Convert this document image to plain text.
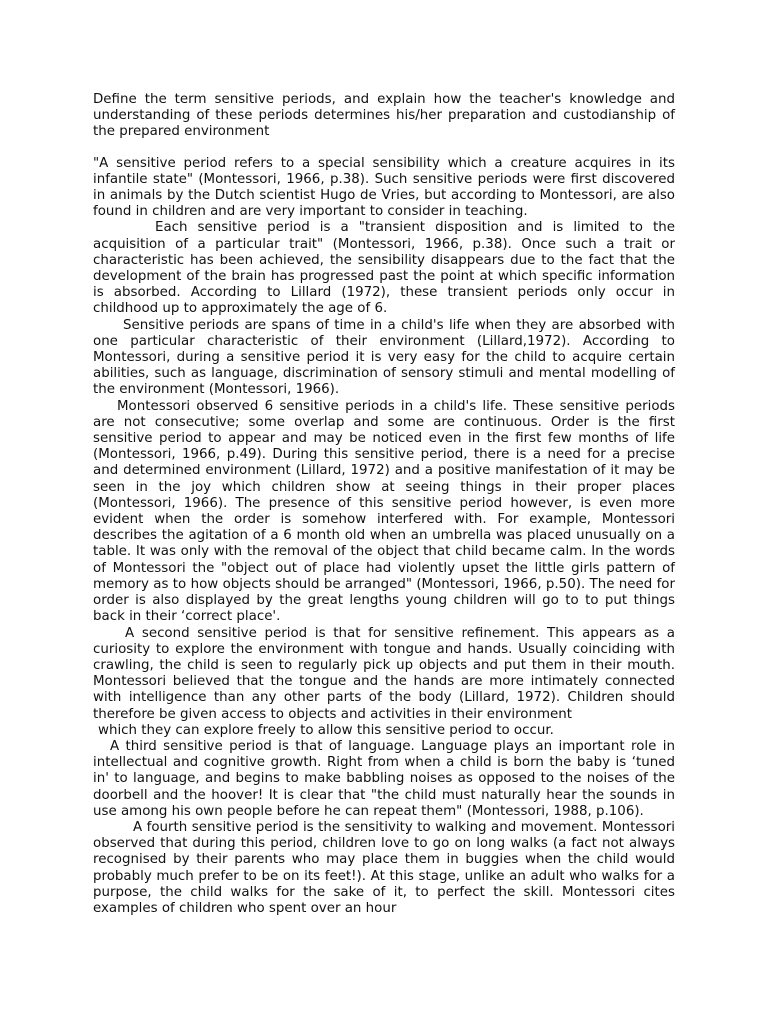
Define the term sensitive periods, and explain how the teacher's knowledge and understanding of these periods determines his/her preparation and custodianship of the prepared environment

"A sensitive period refers to a special sensibility which a creature acquires in its infantile state" (Montessori, 1966, p.38). Such sensitive periods were first discovered in animals by the Dutch scientist Hugo de Vries, but according to Montessori, are also found in children and are very important to consider in teaching.

Each sensitive period is a "transient disposition and is limited to the acquisition of a particular trait" (Montessori, 1966, p.38). Once such a trait or characteristic has been achieved, the sensibility disappears due to the fact that the development of the brain has progressed past the point at which specific information is absorbed. According to Lillard (1972), these transient periods only occur in childhood up to approximately the age of 6.

Sensitive periods are spans of time in a child's life when they are absorbed with one particular characteristic of their environment (Lillard,1972). According to Montessori, during a sensitive period it is very easy for the child to acquire certain abilities, such as language, discrimination of sensory stimuli and mental modelling of the environment (Montessori, 1966).

Montessori observed 6 sensitive periods in a child's life. These sensitive periods are not consecutive; some overlap and some are continuous. Order is the first sensitive period to appear and may be noticed even in the first few months of life (Montessori, 1966, p.49). During this sensitive period, there is a need for a precise and determined environment (Lillard, 1972) and a positive manifestation of it may be seen in the joy which children show at seeing things in their proper places (Montessori, 1966). The presence of this sensitive period however, is even more evident when the order is somehow interfered with. For example, Montessori describes the agitation of a 6 month old when an umbrella was placed unusually on a table. It was only with the removal of the object that child became calm. In the words of Montessori the "object out of place had violently upset the little girls pattern of memory as to how objects should be arranged" (Montessori, 1966, p.50). The need for order is also displayed by the great lengths young children will go to to put things back in their ‘correct place'.

A second sensitive period is that for sensitive refinement. This appears as a curiosity to explore the environment with tongue and hands. Usually coinciding with crawling, the child is seen to regularly pick up objects and put them in their mouth. Montessori believed that the tongue and the hands are more intimately connected with intelligence than any other parts of the body (Lillard, 1972). Children should therefore be given access to objects and activities in their environment

which they can explore freely to allow this sensitive period to occur.

A third sensitive period is that of language. Language plays an important role in intellectual and cognitive growth. Right from when a child is born the baby is ‘tuned in' to language, and begins to make babbling noises as opposed to the noises of the doorbell and the hoover! It is clear that "the child must naturally hear the sounds in use among his own people before he can repeat them" (Montessori, 1988, p.106).

A fourth sensitive period is the sensitivity to walking and movement. Montessori observed that during this period, children love to go on long walks (a fact not always recognised by their parents who may place them in buggies when the child would probably much prefer to be on its feet!). At this stage, unlike an adult who walks for a purpose, the child walks for the sake of it, to perfect the skill. Montessori cites examples of children who spent over an hour
